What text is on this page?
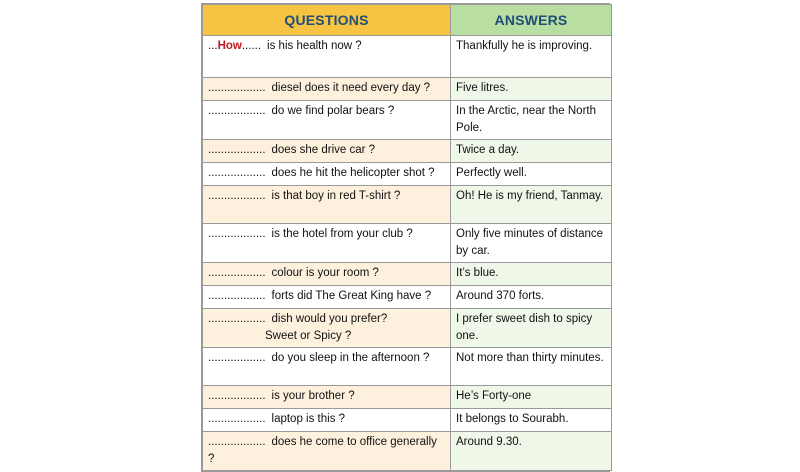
QUESTIONS	ANSWERS
...How...... is his health now ?	Thankfully he is improving.
.................. diesel does it need every day ?	Five litres.
.................. do we find polar bears ?	In the Arctic, near the North Pole.
.................. does she drive car ?	Twice a day.
.................. does he hit the helicopter shot ?	Perfectly well.
.................. is that boy in red T-shirt ?	Oh! He is my friend, Tanmay.
.................. is the hotel from your club ?	Only five minutes of distance by car.
.................. colour is your room ?	It’s blue.
.................. forts did The Great King have ?	Around 370 forts.
.................. dish would you prefer?
Sweet or Spicy ?	I prefer sweet dish to spicy one.
.................. do you sleep in the afternoon ?	Not more than thirty minutes.
.................. is your brother ?	He’s Forty-one
.................. laptop is this ?	It belongs to Sourabh.
.................. does he come to office generally ?	Around 9.30.
